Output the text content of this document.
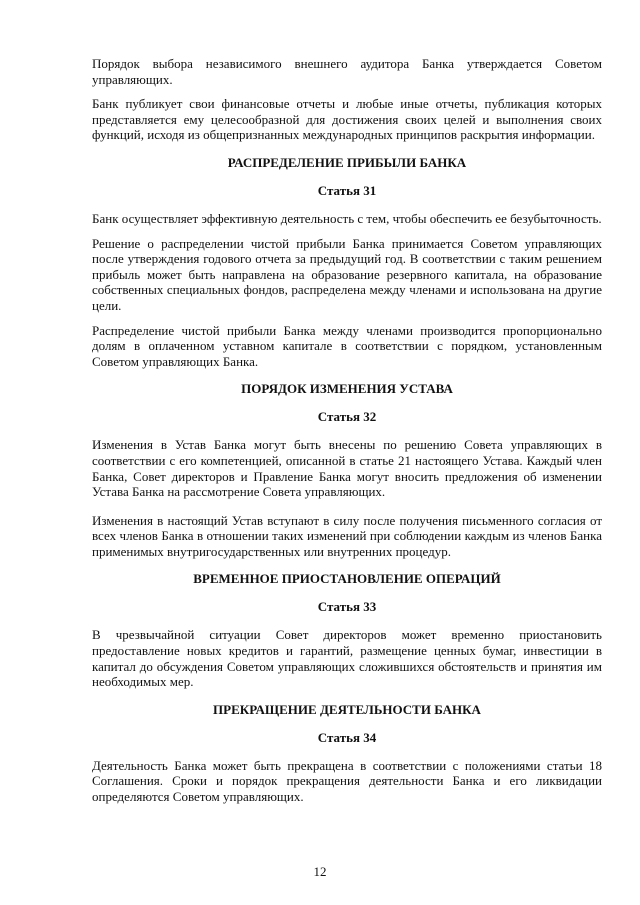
Порядок выбора независимого внешнего аудитора Банка утверждается Советом управляющих.

Банк публикует свои финансовые отчеты и любые иные отчеты, публикация которых представляется ему целесообразной для достижения своих целей и выполнения своих функций, исходя из общепризнанных международных принципов раскрытия информации.

РАСПРЕДЕЛЕНИЕ ПРИБЫЛИ БАНКА
Статья 31

Банк осуществляет эффективную деятельность с тем, чтобы обеспечить ее безубыточность.

Решение о распределении чистой прибыли Банка принимается Советом управляющих после утверждения годового отчета за предыдущий год. В соответствии с таким решением прибыль может быть направлена на образование резервного капитала, на образование собственных специальных фондов, распределена между членами и использована на другие цели.

Распределение чистой прибыли Банка между членами производится пропорционально долям в оплаченном уставном капитале в соответствии с порядком, установленным Советом управляющих Банка.

ПОРЯДОК ИЗМЕНЕНИЯ УСТАВА
Статья 32

Изменения в Устав Банка могут быть внесены по решению Совета управляющих в соответствии с его компетенцией, описанной в статье 21 настоящего Устава. Каждый член Банка, Совет директоров и Правление Банка могут вносить предложения об изменении Устава Банка на рассмотрение Совета управляющих.

Изменения в настоящий Устав вступают в силу после получения письменного согласия от всех членов Банка в отношении таких изменений при соблюдении каждым из членов Банка применимых внутригосударственных или внутренних процедур.

ВРЕМЕННОЕ ПРИОСТАНОВЛЕНИЕ ОПЕРАЦИЙ
Статья 33

В чрезвычайной ситуации Совет директоров может временно приостановить предоставление новых кредитов и гарантий, размещение ценных бумаг, инвестиции в капитал до обсуждения Советом управляющих сложившихся обстоятельств и принятия им необходимых мер.

ПРЕКРАЩЕНИЕ ДЕЯТЕЛЬНОСТИ БАНКА
Статья 34

Деятельность Банка может быть прекращена в соответствии с положениями статьи 18 Соглашения. Сроки и порядок прекращения деятельности Банка и его ликвидации определяются Советом управляющих.

12
